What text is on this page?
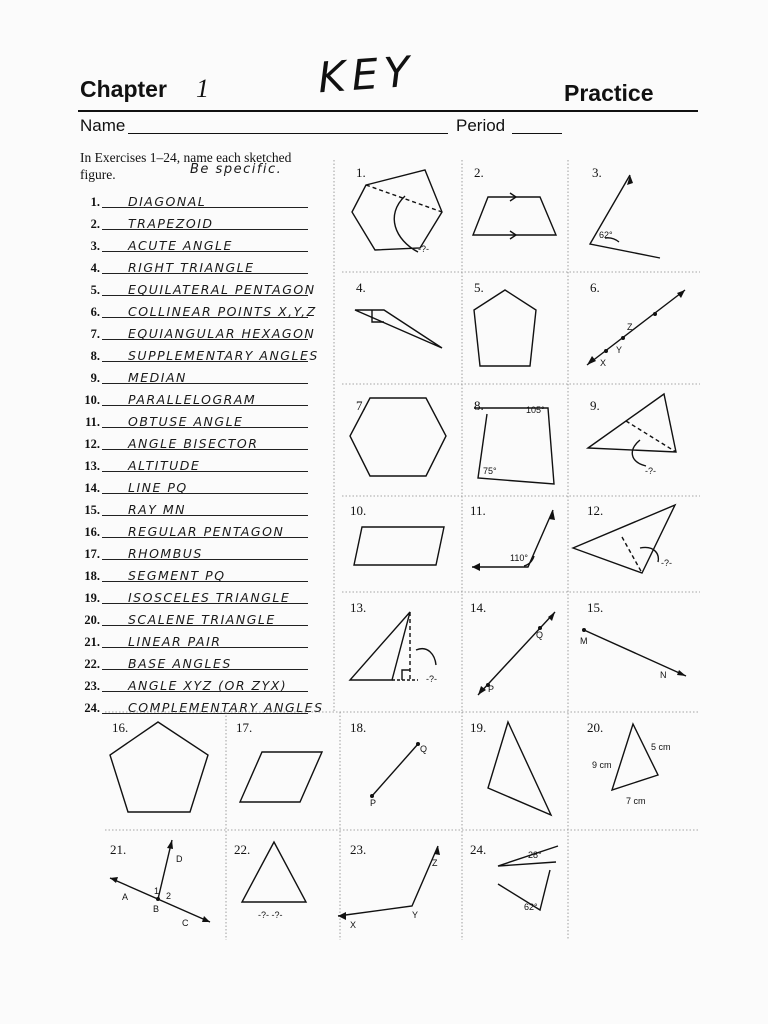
Chapter 1	KEY	Practice
Name	Period
In Exercises 1–24, name each sketched figure.	Be specific.
1. DIAGONAL
2. TRAPEZOID
3. ACUTE ANGLE
4. RIGHT TRIANGLE
5. EQUILATERAL PENTAGON
6. COLLINEAR POINTS X,Y,Z
7. EQUIANGULAR HEXAGON
8. SUPPLEMENTARY ANGLES
9. MEDIAN
10. PARALLELOGRAM
11. OBTUSE ANGLE
12. ANGLE BISECTOR
13. ALTITUDE
14. LINE PQ
15. RAY MN
16. REGULAR PENTAGON
17. RHOMBUS
18. SEGMENT PQ
19. ISOSCELES TRIANGLE
20. SCALENE TRIANGLE
21. LINEAR PAIR
22. BASE ANGLES
23. ANGLE XYZ (OR ZYX)
24. COMPLEMENTARY ANGLES
1.	2.	3.
4.	5.	6.
7.	8.	9.
10.	11.	12.
13.	14.	15.
16.	17.	18.	19.	20.
21.	22.	23.	24.
-?-
62°
Z
Y
X
105°
75°	-?-
110°	-?-
-?-
Q
P
M
N
Q
P
5 cm
9 cm
7 cm
D
A
B
C
1 2
-?- -?-
Z
Y
X
28°
62°
